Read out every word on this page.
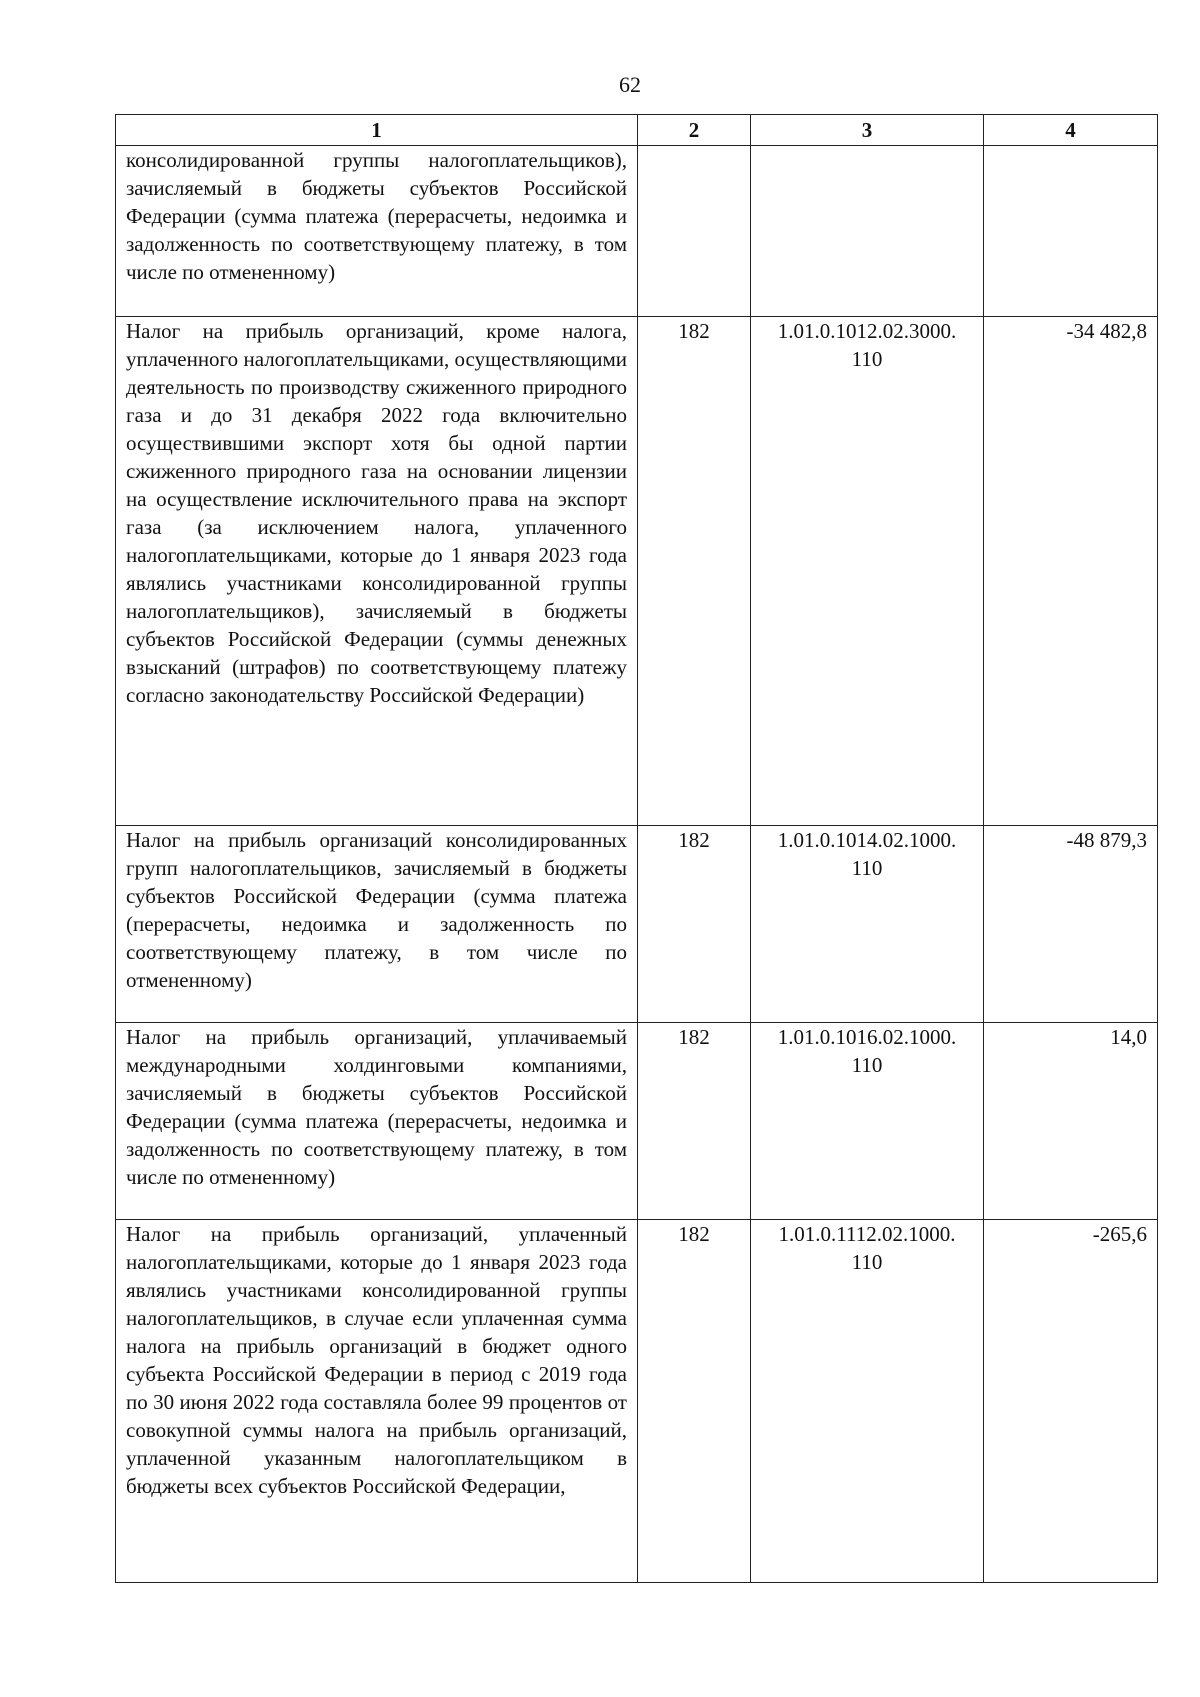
62
1	2	3	4
консолидированной группы налогоплательщиков), зачисляемый в бюджеты субъектов Российской Федерации (сумма платежа (перерасчеты, недоимка и задолженность по соответствующему платежу, в том числе по отмененному)			
Налог на прибыль организаций, кроме налога, уплаченного налогоплательщиками, осуществляющими деятельность по производству сжиженного природного газа и до 31 декабря 2022 года включительно осуществившими экспорт хотя бы одной партии сжиженного природного газа на основании лицензии на осуществление исключительного права на экспорт газа (за исключением налога, уплаченного налогоплательщиками, которые до 1 января 2023 года являлись участниками консолидированной группы налогоплательщиков), зачисляемый в бюджеты субъектов Российской Федерации (суммы денежных взысканий (штрафов) по соответствующему платежу согласно законодательству Российской Федерации)	182	1.01.0.1012.02.3000. 110	-34 482,8
Налог на прибыль организаций консолидированных групп налогоплательщиков, зачисляемый в бюджеты субъектов Российской Федерации (сумма платежа (перерасчеты, недоимка и задолженность по соответствующему платежу, в том числе по отмененному)	182	1.01.0.1014.02.1000. 110	-48 879,3
Налог на прибыль организаций, уплачиваемый международными холдинговыми компаниями, зачисляемый в бюджеты субъектов Российской Федерации (сумма платежа (перерасчеты, недоимка и задолженность по соответствующему платежу, в том числе по отмененному)	182	1.01.0.1016.02.1000. 110	14,0
Налог на прибыль организаций, уплаченный налогоплательщиками, которые до 1 января 2023 года являлись участниками консолидированной группы налогоплательщиков, в случае если уплаченная сумма налога на прибыль организаций в бюджет одного субъекта Российской Федерации в период с 2019 года по 30 июня 2022 года составляла более 99 процентов от совокупной суммы налога на прибыль организаций, уплаченной указанным налогоплательщиком в бюджеты всех субъектов Российской Федерации,	182	1.01.0.1112.02.1000. 110	-265,6
